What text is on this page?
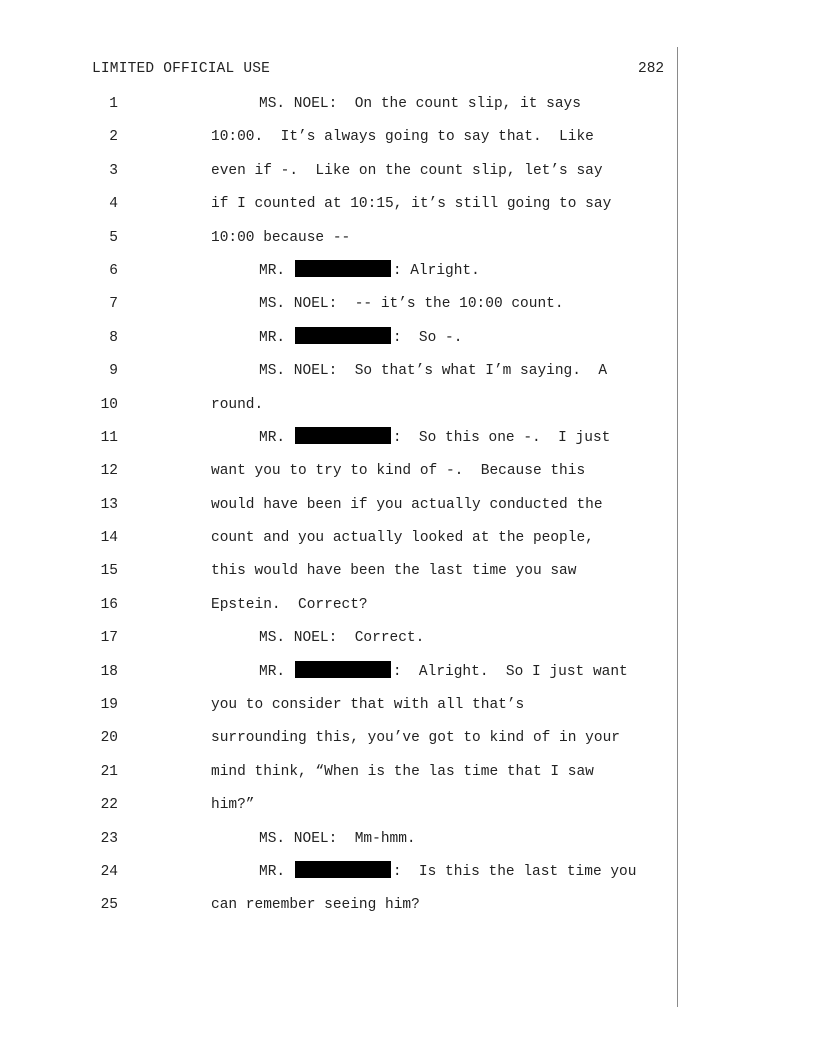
LIMITED OFFICIAL USE	282
1	MS. NOEL:  On the count slip, it says
2	10:00.  It’s always going to say that.  Like
3	even if -.  Like on the count slip, let’s say
4	if I counted at 10:15, it’s still going to say
5	10:00 because --
6	MR.	: Alright.
7	MS. NOEL:  -- it’s the 10:00 count.
8	MR.	:  So -.
9	MS. NOEL:  So that’s what I’m saying.  A
10	round.
11	MR.	:  So this one -.  I just
12	want you to try to kind of -.  Because this
13	would have been if you actually conducted the
14	count and you actually looked at the people,
15	this would have been the last time you saw
16	Epstein.  Correct?
17	MS. NOEL:  Correct.
18	MR.	:  Alright.  So I just want
19	you to consider that with all that’s
20	surrounding this, you’ve got to kind of in your
21	mind think, “When is the las time that I saw
22	him?”
23	MS. NOEL:  Mm-hmm.
24	MR.	:  Is this the last time you
25	can remember seeing him?
